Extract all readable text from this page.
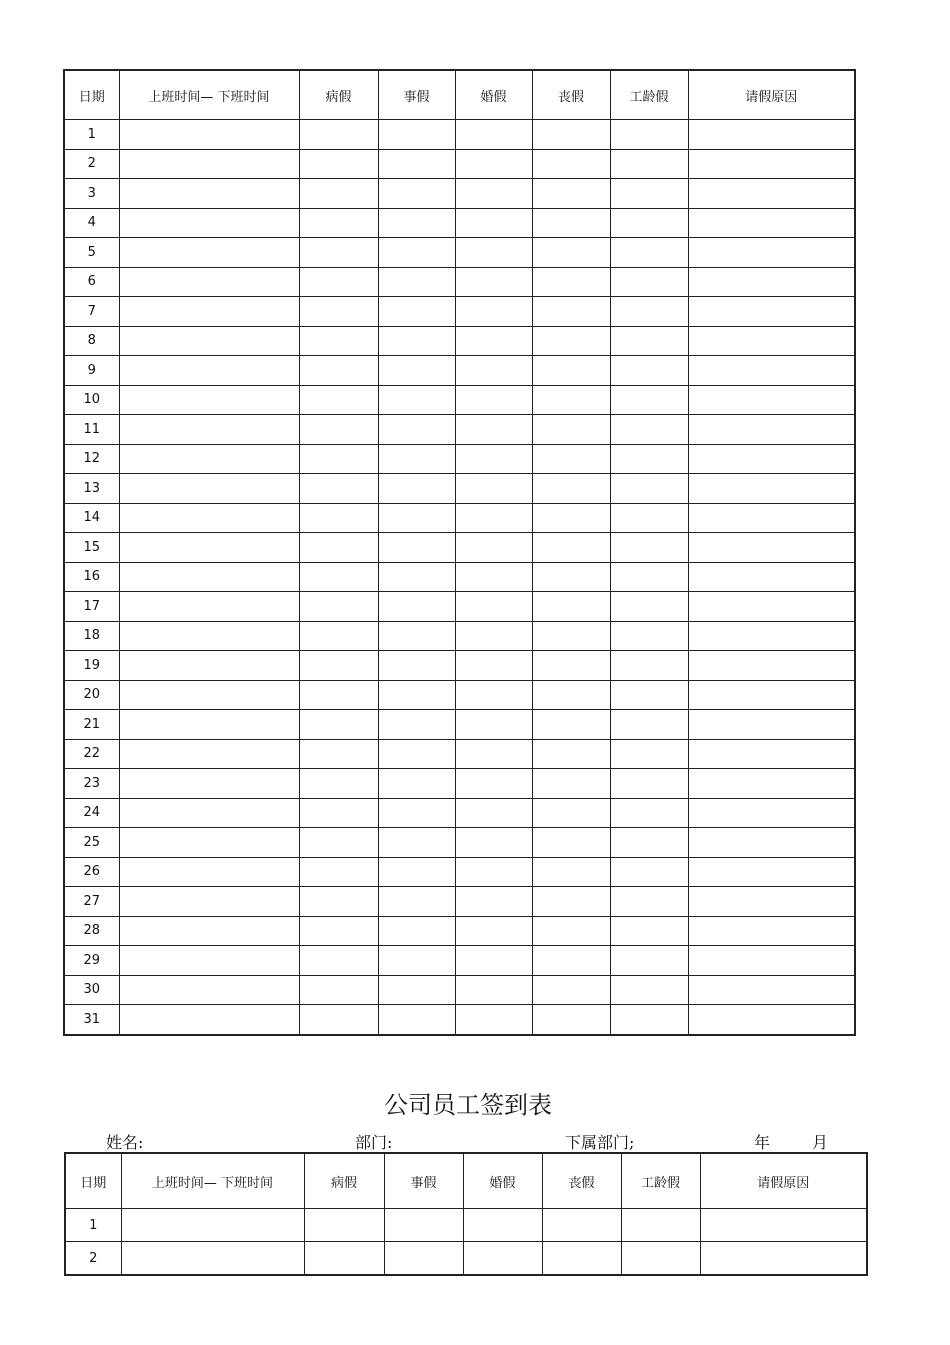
日期	上班时间— 下班时间	病假	事假	婚假	丧假	工龄假	请假原因
1							
2							
3							
4							
5							
6							
7							
8							
9							
10							
11							
12							
13							
14							
15							
16							
17							
18							
19							
20							
21							
22							
23							
24							
25							
26							
27							
28							
29							
30							
31							
公司员工签到表
姓名:	部门:	下属部门;	年	月
日期	上班时间— 下班时间	病假	事假	婚假	丧假	工龄假	请假原因
1							
2							
